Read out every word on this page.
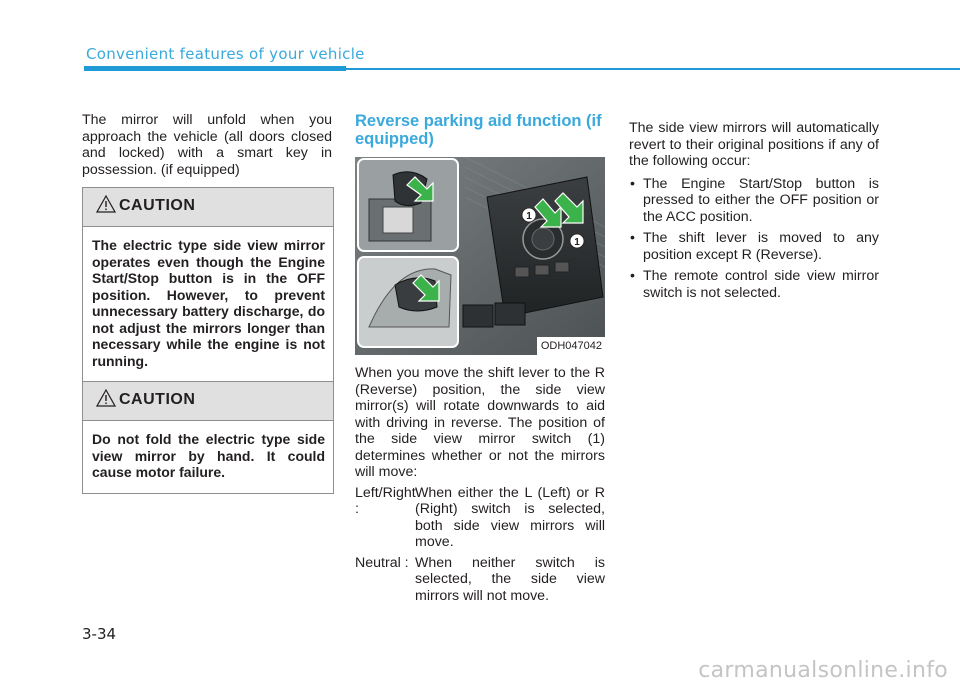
Convenient features of your vehicle

The mirror will unfold when you approach the vehicle (all doors closed and locked) with a smart key in possession. (if equipped)

CAUTION
The electric type side view mirror operates even though the Engine Start/Stop button is in the OFF position. However, to prevent unnecessary battery discharge, do not adjust the mirrors longer than necessary while the engine is not running.
CAUTION
Do not fold the electric type side view mirror by hand. It could cause motor failure.
Reverse parking aid function (if equipped)
1
1
ODH047042

When you move the shift lever to the R (Reverse) position, the side view mirror(s) will rotate downwards to aid with driving in reverse. The position of the side view mirror switch (1) determines whether or not the mirrors will move:

Left/Right :
When either the L (Left) or R (Right) switch is selected, both side view mirrors will move.
Neutral : When neither switch is selected, the side view mirrors will not move.

The side view mirrors will automatically revert to their original positions if any of the following occur:

• The Engine Start/Stop button is pressed to either the OFF position or the ACC position.
• The shift lever is moved to any position except R (Reverse).
• The remote control side view mirror switch is not selected.
3-34
carmanualsonline.info
